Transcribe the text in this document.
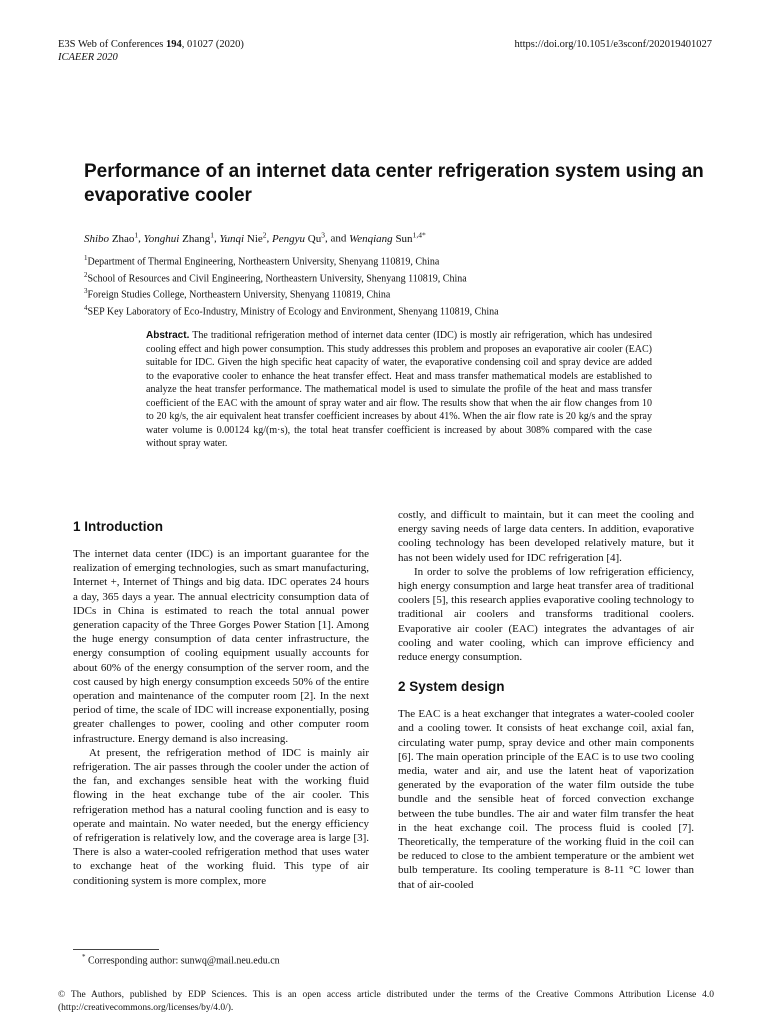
E3S Web of Conferences 194, 01027 (2020)
ICAEER 2020
https://doi.org/10.1051/e3sconf/202019401027
Performance of an internet data center refrigeration system using an evaporative cooler
Shibo Zhao$^1$, Yonghui Zhang$^1$, Yunqi Nie$^2$, Pengyu Qu$^3$, and Wenqiang Sun$^{1,4*}$
$^1$Department of Thermal Engineering, Northeastern University, Shenyang 110819, China
$^2$School of Resources and Civil Engineering, Northeastern University, Shenyang 110819, China
$^3$Foreign Studies College, Northeastern University, Shenyang 110819, China
$^4$SEP Key Laboratory of Eco-Industry, Ministry of Ecology and Environment, Shenyang 110819, China
Abstract. The traditional refrigeration method of internet data center (IDC) is mostly air refrigeration, which has undesired cooling effect and high power consumption. This study addresses this problem and proposes an evaporative air cooler (EAC) suitable for IDC. Given the high specific heat capacity of water, the evaporative condensing coil and spray device are added to the evaporative cooler to enhance the heat transfer effect. Heat and mass transfer mathematical models are established to analyze the heat transfer performance. The mathematical model is used to simulate the profile of the heat and mass transfer coefficient of the EAC with the amount of spray water and air flow. The results show that when the air flow changes from 10 to 20 kg/s, the air equivalent heat transfer coefficient increases by about 41%. When the air flow rate is 20 kg/s and the spray water volume is 0.00124 kg/(m·s), the total heat transfer coefficient is increased by about 308% compared with the case without spray water.
1 Introduction

The internet data center (IDC) is an important guarantee for the realization of emerging technologies, such as smart manufacturing, Internet +, Internet of Things and big data. IDC operates 24 hours a day, 365 days a year. The annual electricity consumption data of IDCs in China is estimated to reach the total annual power generation capacity of the Three Gorges Power Station [1]. Among the huge energy consumption of data center infrastructure, the energy consumption of cooling equipment usually accounts for about 60% of the energy consumption of the server room, and the cost caused by high energy consumption exceeds 50% of the entire operation and maintenance of the computer room [2]. In the next period of time, the scale of IDC will increase exponentially, posing greater challenges to power, cooling and other computer room infrastructure. Energy demand is also increasing.

At present, the refrigeration method of IDC is mainly air refrigeration. The air passes through the cooler under the action of the fan, and exchanges sensible heat with the working fluid flowing in the heat exchange tube of the air cooler. This refrigeration method has a natural cooling function and is easy to operate and maintain. No water needed, but the energy efficiency of refrigeration is relatively low, and the coverage area is large [3]. There is also a water-cooled refrigeration method that uses water to exchange heat of the working fluid. This type of air conditioning system is more complex, more

costly, and difficult to maintain, but it can meet the cooling and energy saving needs of large data centers. In addition, evaporative cooling technology has been developed relatively mature, but it has not been widely used for IDC refrigeration [4].

In order to solve the problems of low refrigeration efficiency, high energy consumption and large heat transfer area of traditional coolers [5], this research applies evaporative cooling technology to traditional air coolers and transforms traditional coolers. Evaporative air cooler (EAC) integrates the advantages of air cooling and water cooling, which can improve efficiency and reduce energy consumption.

2 System design

The EAC is a heat exchanger that integrates a water-cooled cooler and a cooling tower. It consists of heat exchange coil, axial fan, circulating water pump, spray device and other main components [6]. The main operation principle of the EAC is to use two cooling media, water and air, and use the latent heat of vaporization generated by the evaporation of the water film outside the tube bundle and the sensible heat of forced convection exchange between the tube bundles. The air and water film transfer the heat in the heat exchange coil. The process fluid is cooled [7]. Theoretically, the temperature of the working fluid in the coil can be reduced to close to the ambient temperature or the ambient wet bulb temperature. Its cooling temperature is 8-11 °C lower than that of air-cooled

* Corresponding author: sunwq@mail.neu.edu.cn
© The Authors, published by EDP Sciences. This is an open access article distributed under the terms of the Creative Commons Attribution License 4.0 (http://creativecommons.org/licenses/by/4.0/).
